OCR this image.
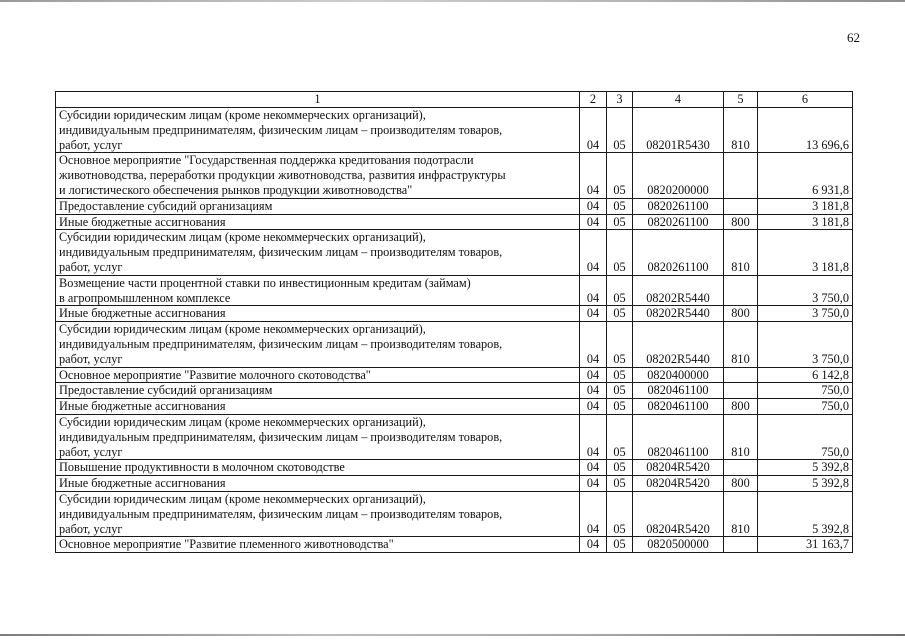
62
1	2	3	4	5	6

Субсидии юридическим лицам (кроме некоммерческих организаций),
индивидуальным предпринимателям, физическим лицам – производителям товаров,
работ, услуг	04	05	08201R5430	810	13 696,6

Основное мероприятие "Государственная поддержка кредитования подотрасли
животноводства, переработки продукции животноводства, развития инфраструктуры
и логистического обеспечения рынков продукции животноводства"	04	05	0820200000		6 931,8

Предоставление субсидий организациям	04	05	0820261100		3 181,8

Иные бюджетные ассигнования	04	05	0820261100	800	3 181,8

Субсидии юридическим лицам (кроме некоммерческих организаций),
индивидуальным предпринимателям, физическим лицам – производителям товаров,
работ, услуг	04	05	0820261100	810	3 181,8

Возмещение части процентной ставки по инвестиционным кредитам (займам)
в агропромышленном комплексе	04	05	08202R5440		3 750,0

Иные бюджетные ассигнования	04	05	08202R5440	800	3 750,0

Субсидии юридическим лицам (кроме некоммерческих организаций),
индивидуальным предпринимателям, физическим лицам – производителям товаров,
работ, услуг	04	05	08202R5440	810	3 750,0

Основное мероприятие "Развитие молочного скотоводства"	04	05	0820400000		6 142,8

Предоставление субсидий организациям	04	05	0820461100		750,0

Иные бюджетные ассигнования	04	05	0820461100	800	750,0

Субсидии юридическим лицам (кроме некоммерческих организаций),
индивидуальным предпринимателям, физическим лицам – производителям товаров,
работ, услуг	04	05	0820461100	810	750,0

Повышение продуктивности в молочном скотоводстве	04	05	08204R5420		5 392,8

Иные бюджетные ассигнования	04	05	08204R5420	800	5 392,8

Субсидии юридическим лицам (кроме некоммерческих организаций),
индивидуальным предпринимателям, физическим лицам – производителям товаров,
работ, услуг	04	05	08204R5420	810	5 392,8

Основное мероприятие "Развитие племенного животноводства"	04	05	0820500000		31 163,7
